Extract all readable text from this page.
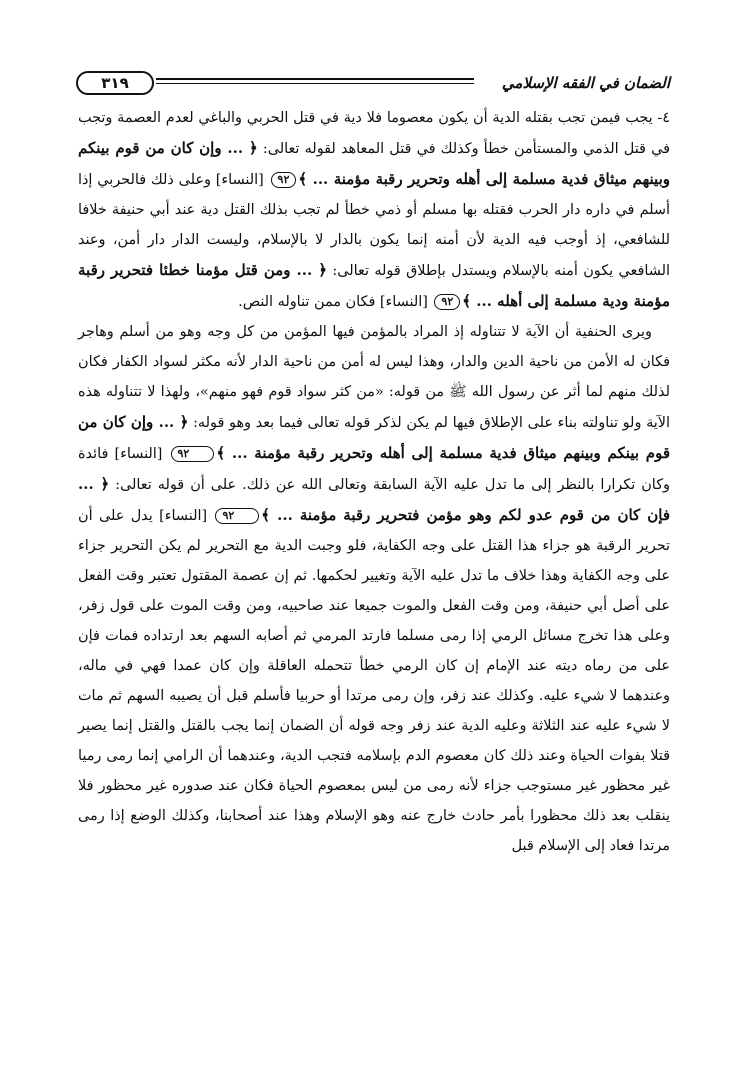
الضمان في الفقه الإسلامي
٣١٩

٤- يجب فيمن تجب بقتله الدية أن يكون معصوما فلا دية في قتل الحربي والباغي لعدم العصمة وتجب في قتل الذمي والمستأمن خطأ وكذلك في قتل المعاهد لقوله تعالى: ﴿ ... وإن كان من قوم بينكم وبينهم ميثاق فدية مسلمة إلى أهله وتحرير رقبة مؤمنة ... ﴾٩٢ [النساء] وعلى ذلك فالحربي إذا أسلم في داره دار الحرب فقتله بها مسلم أو ذمي خطأ لم تجب بذلك القتل دية عند أبي حنيفة خلافا للشافعي، إذ أوجب فيه الدية لأن أمنه إنما يكون بالدار لا بالإسلام، وليست الدار دار أمن، وعند الشافعي يكون أمنه بالإسلام ويستدل بإطلاق قوله تعالى: ﴿ ... ومن قتل مؤمنا خطئا فتحرير رقبة مؤمنة ودية مسلمة إلى أهله ... ﴾٩٢ [النساء] فكان ممن تناوله النص.

ويرى الحنفية أن الآية لا تتناوله إذ المراد بالمؤمن فيها المؤمن من كل وجه وهو من أسلم وهاجر فكان له الأمن من ناحية الدين والدار، وهذا ليس له أمن من ناحية الدار لأنه مكثر لسواد الكفار فكان لذلك منهم لما أثر عن رسول الله ﷺ من قوله: «من كثر سواد قوم فهو منهم»، ولهذا لا تتناوله هذه الآية ولو تناولته بناء على الإطلاق فيها لم يكن لذكر قوله تعالى فيما بعد وهو قوله: ﴿ ... وإن كان من قوم بينكم وبينهم ميثاق فدية مسلمة إلى أهله وتحرير رقبة مؤمنة ... ﴾٩٢ [النساء] فائدة وكان تكرارا بالنظر إلى ما تدل عليه الآية السابقة وتعالى الله عن ذلك. على أن قوله تعالى: ﴿ ... فإن كان من قوم عدو لكم وهو مؤمن فتحرير رقبة مؤمنة ... ﴾٩٢ [النساء] يدل على أن تحرير الرقبة هو جزاء هذا القتل على وجه الكفاية، فلو وجبت الدية مع التحرير لم يكن التحرير جزاء على وجه الكفاية وهذا خلاف ما تدل عليه الآية وتغيير لحكمها. ثم إن عصمة المقتول تعتبر وقت الفعل على أصل أبي حنيفة، ومن وقت الفعل والموت جميعا عند صاحبيه، ومن وقت الموت على قول زفر، وعلى هذا تخرج مسائل الرمي إذا رمى مسلما فارتد المرمي ثم أصابه السهم بعد ارتداده فمات فإن على من رماه ديته عند الإمام إن كان الرمي خطأ تتحمله العاقلة وإن كان عمدا فهي في ماله، وعندهما لا شيء عليه. وكذلك عند زفر، وإن رمى مرتدا أو حربيا فأسلم قبل أن يصيبه السهم ثم مات لا شيء عليه عند الثلاثة وعليه الدية عند زفر وجه قوله أن الضمان إنما يجب بالقتل والقتل إنما يصير قتلا بفوات الحياة وعند ذلك كان معصوم الدم بإسلامه فتجب الدية، وعندهما أن الرامي إنما رمى رميا غير محظور غير مستوجب جزاء لأنه رمى من ليس بمعصوم الحياة فكان عند صدوره غير محظور فلا ينقلب بعد ذلك محظورا بأمر حادث خارج عنه وهو الإسلام وهذا عند أصحابنا، وكذلك الوضع إذا رمى مرتدا فعاد إلى الإسلام قبل
